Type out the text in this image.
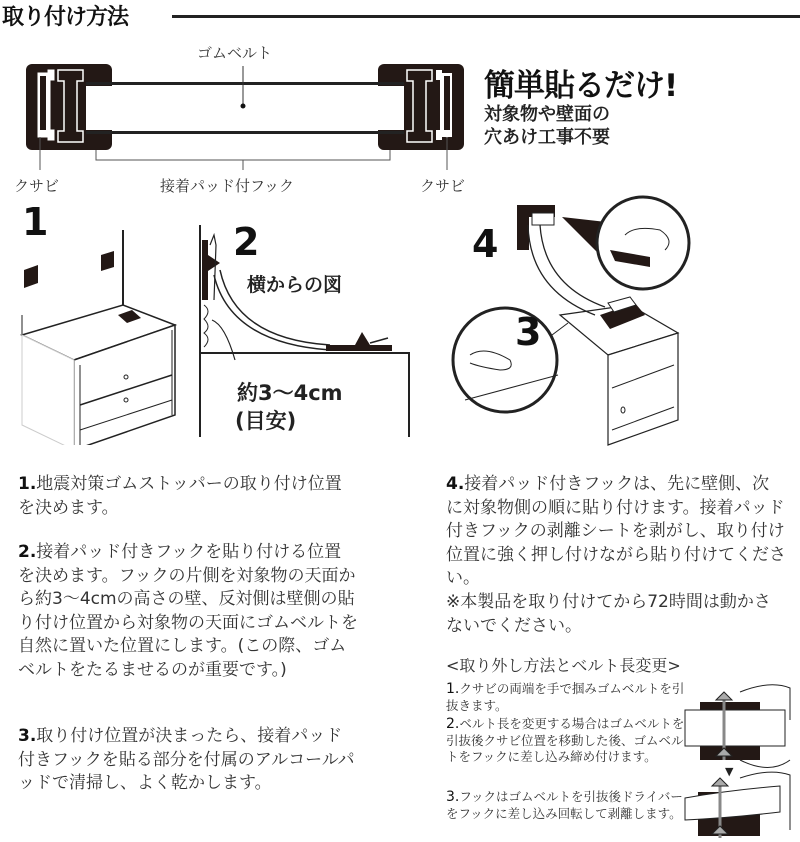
取り付け方法
ゴムベルト
接着パッド付フック
クサビ	クサビ
簡単貼るだけ!
対象物や壁面の
穴あけ工事不要
1	2
横からの図
約3〜4cm
(目安)
4
3
1.地震対策ゴムストッパーの取り付け位置を決めます。
2.接着パッド付きフックを貼り付ける位置を決めます。フックの片側を対象物の天面から約3〜4cmの高さの壁、反対側は壁側の貼り付け位置から対象物の天面にゴムベルトを自然に置いた位置にします。(この際、ゴムベルトをたるませるのが重要です。)
3.取り付け位置が決まったら、接着パッド付きフックを貼る部分を付属のアルコールパッドで清掃し、よく乾かします。
4.接着パッド付きフックは、先に壁側、次に対象物側の順に貼り付けます。接着パッド付きフックの剥離シートを剥がし、取り付け位置に強く押し付けながら貼り付けてください。
※本製品を取り付けてから72時間は動かさないでください。
<取り外し方法とベルト長変更>
1.クサビの両端を手で掴みゴムベルトを引抜きます。
2.ベルト長を変更する場合はゴムベルトを引抜後クサビ位置を移動した後、ゴムベルトをフックに差し込み締め付けます。
3.フックはゴムベルトを引抜後ドライバーをフックに差し込み回転して剥離します。
▼
